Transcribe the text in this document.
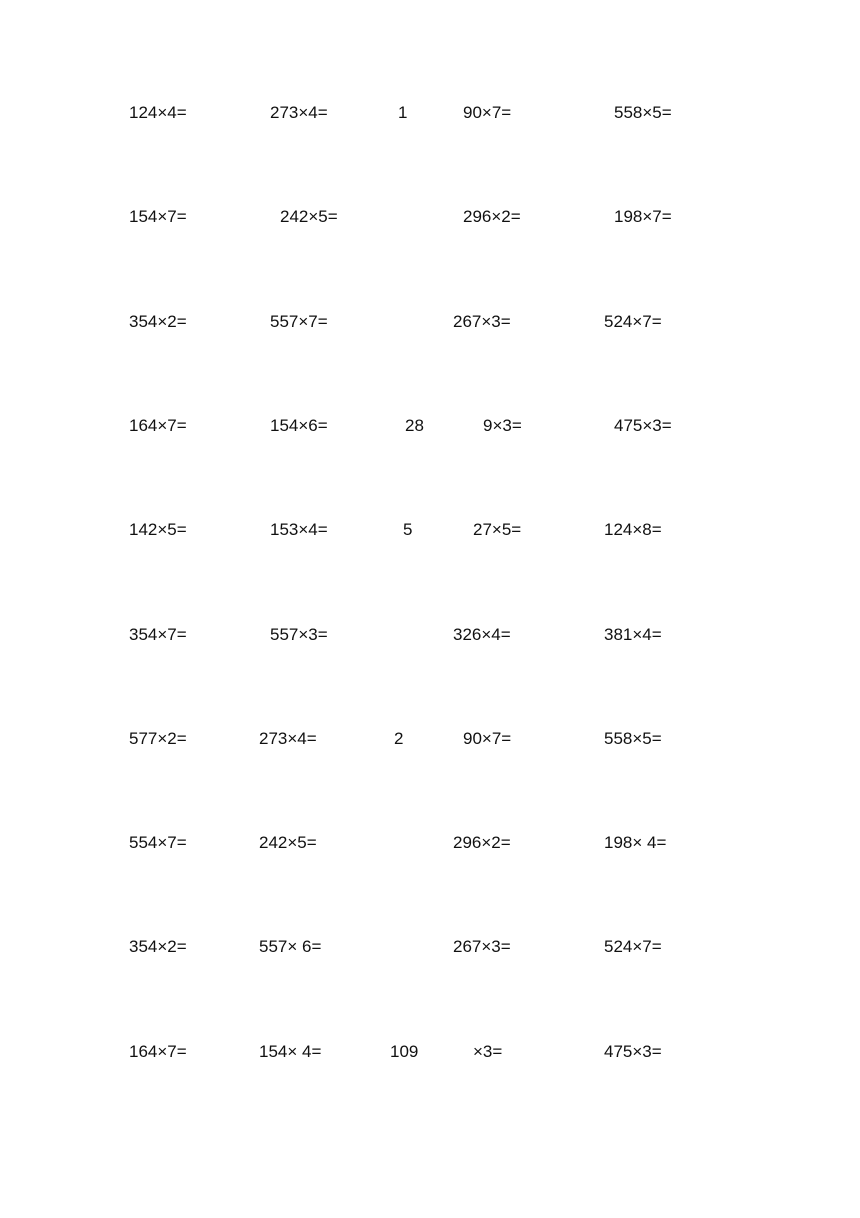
124×4=	273×4=	1	90×7=	558×5=
154×7=	242×5=	296×2=	198×7=
354×2=	557×7=	267×3=	524×7=
164×7=	154×6=	28	9×3=	475×3=
142×5=	153×4=	5	27×5=	124×8=
354×7=	557×3=	326×4=	381×4=
577×2=	273×4=	2	90×7=	558×5=
554×7=	242×5=	296×2=	198× 4=
354×2=	557× 6=	267×3=	524×7=
164×7=	154× 4=	109	×3=	475×3=
